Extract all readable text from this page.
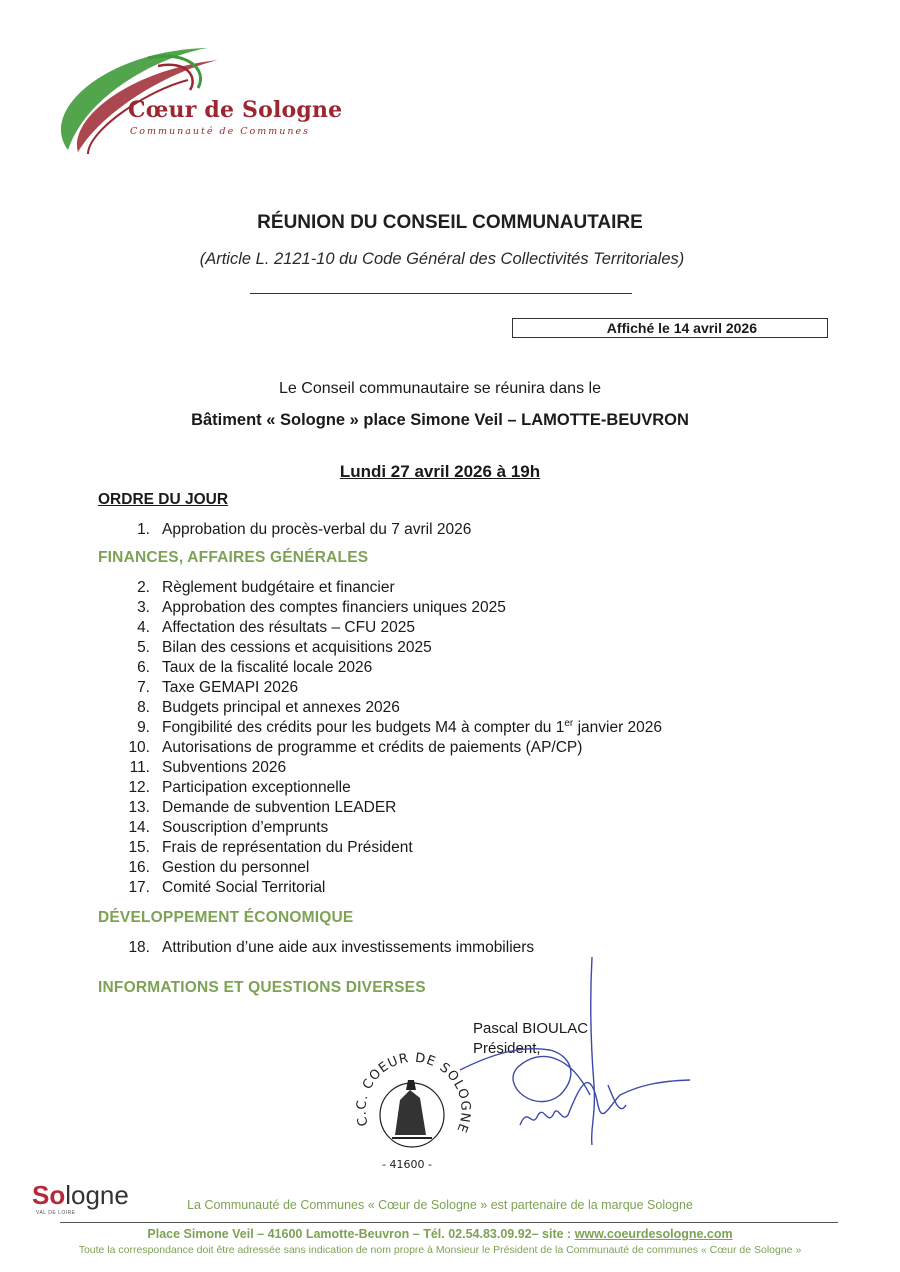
Cœur de Sologne
Communauté de Communes
RÉUNION DU CONSEIL COMMUNAUTAIRE
(Article L. 2121-10 du Code Général des Collectivités Territoriales)
Affiché le 14 avril 2026
Le Conseil communautaire se réunira dans le
Bâtiment « Sologne » place Simone Veil – LAMOTTE-BEUVRON
Lundi 27 avril 2026 à 19h
ORDRE DU JOUR
1. Approbation du procès-verbal du 7 avril 2026
FINANCES, AFFAIRES GÉNÉRALES
2. Règlement budgétaire et financier
3. Approbation des comptes financiers uniques 2025
4. Affectation des résultats – CFU 2025
5. Bilan des cessions et acquisitions 2025
6. Taux de la fiscalité locale 2026
7. Taxe GEMAPI 2026
8. Budgets principal et annexes 2026
9. Fongibilité des crédits pour les budgets M4 à compter du 1er janvier 2026
10. Autorisations de programme et crédits de paiements (AP/CP)
11. Subventions 2026
12. Participation exceptionnelle
13. Demande de subvention LEADER
14. Souscription d’emprunts
15. Frais de représentation du Président
16. Gestion du personnel
17. Comité Social Territorial
DÉVELOPPEMENT ÉCONOMIQUE
18. Attribution d’une aide aux investissements immobiliers
INFORMATIONS ET QUESTIONS DIVERSES
Pascal BIOULAC
Président,
C.C. COEUR DE SOLOGNE
- 41600 -
Sologne
VAL DE LOIRE
La Communauté de Communes « Cœur de Sologne » est partenaire de la marque Sologne
Place Simone Veil – 41600 Lamotte-Beuvron – Tél. 02.54.83.09.92– site : www.coeurdesologne.com
Toute la correspondance doit être adressée sans indication de nom propre à Monsieur le Président de la Communauté de communes « Cœur de Sologne »
